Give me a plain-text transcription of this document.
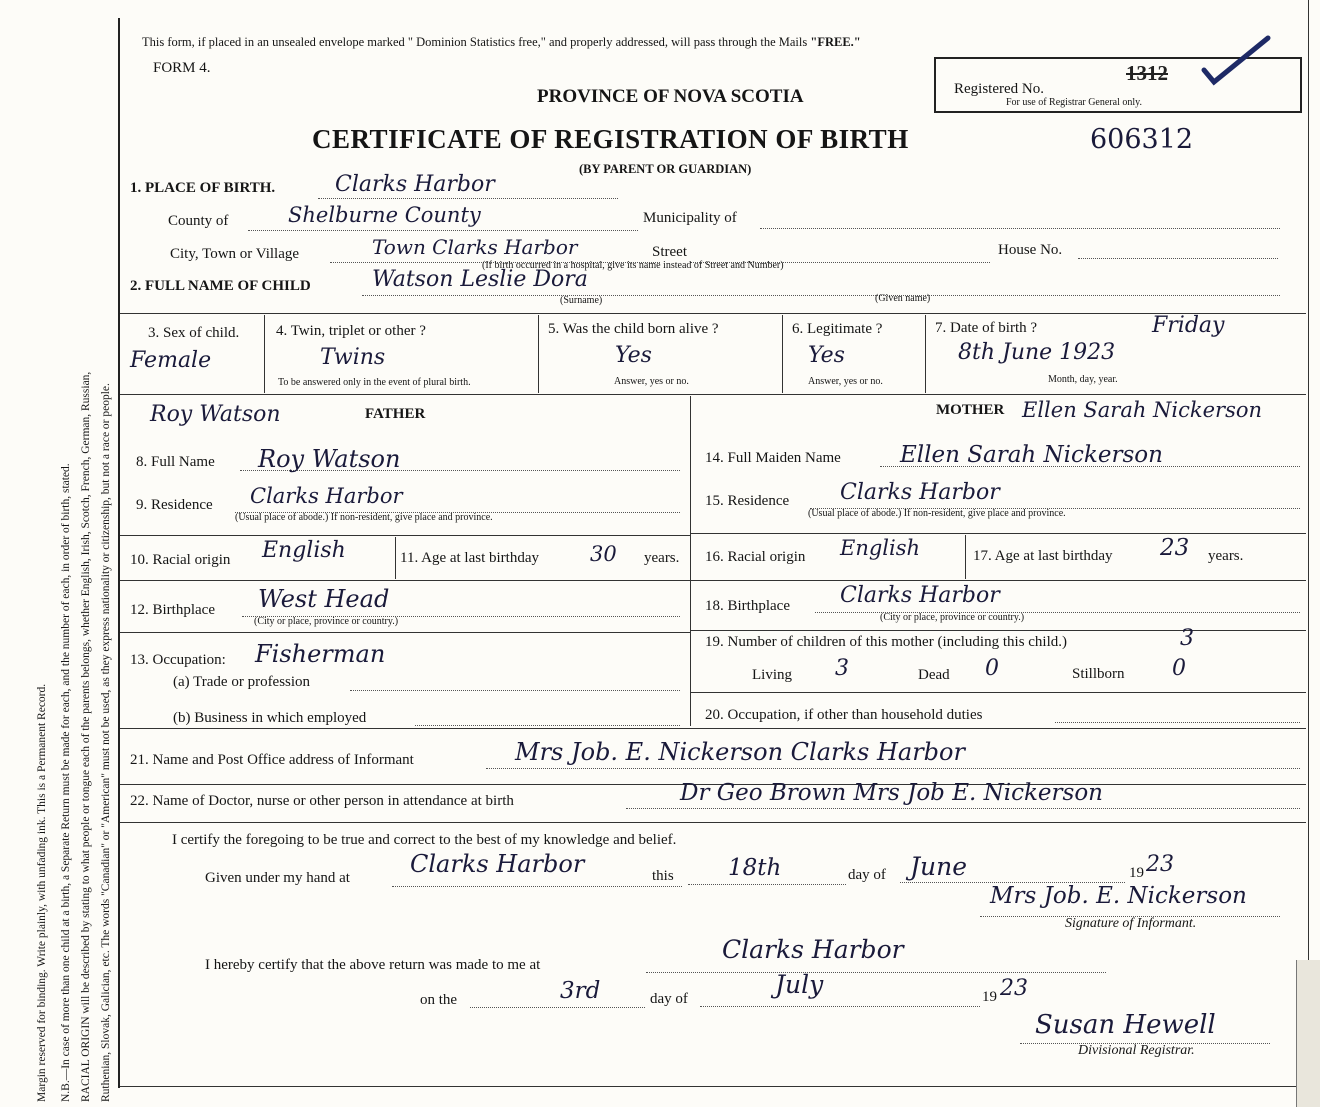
Ruthenian, Slovak, Galician, etc. The words "Canadian" or "American" must not be used, as they express nationality or citizenship, but not a race or people.
RACIAL ORIGIN will be described by stating to what people or tongue each of the parents belongs, whether English, Irish, Scotch, French, German, Russian,
N.B.—In case of more than one child at a birth, a Separate Return must be made for each, and the number of each, in order of birth, stated.
Margin reserved for binding. Write plainly, with unfading ink. This is a Permanent Record.
This form, if placed in an unsealed envelope marked " Dominion Statistics free," and properly addressed, will pass through the Mails "FREE."
FORM 4.
PROVINCE OF NOVA SCOTIA
CERTIFICATE OF REGISTRATION OF BIRTH	606312
(BY PARENT OR GUARDIAN)
Registered No.
1312
For use of Registrar General only.
1. PLACE OF BIRTH.	Clarks Harbor
County of	Shelburne County	Municipality of
City, Town or Village	Town Clarks Harbor	Street	House No.
(If birth occurred in a hospital, give its name instead of Street and Number)
2. FULL NAME OF CHILD	Watson Leslie Dora
(Surname)	(Given name)
3. Sex of child.
Female
4. Twin, triplet or other ?
Twins
To be answered only in the event of plural birth.
5. Was the child born alive ?
Yes
Answer, yes or no.
6. Legitimate ?
Yes
Answer, yes or no.
7. Date of birth ?	Friday
8th June 1923
Month, day, year.
Roy Watson	FATHER
8. Full Name Roy Watson
9. Residence Clarks Harbor
(Usual place of abode.) If non-resident, give place and province.
10. Racial origin English	11. Age at last birthday 30 years.
12. Birthplace West Head
(City or place, province or country.)
13. Occupation: Fisherman
(a) Trade or profession
(b) Business in which employed
MOTHER Ellen Sarah Nickerson
14. Full Maiden Name	Ellen Sarah Nickerson
15. Residence Clarks Harbor
(Usual place of abode.) If non-resident, give place and province.
16. Racial origin English	17. Age at last birthday 23 years.
18. Birthplace Clarks Harbor
(City or place, province or country.)
19. Number of children of this mother (including this child.)	3
Living 3	Dead 0	Stillborn 0
20. Occupation, if other than household duties
21. Name and Post Office address of Informant	Mrs Job. E. Nickerson Clarks Harbor
22. Name of Doctor, nurse or other person in attendance at birth	Dr Geo Brown Mrs Job E. Nickerson
I certify the foregoing to be true and correct to the best of my knowledge and belief.
Given under my hand at	Clarks Harbor	this 18th	day of June	19 23
Mrs Job. E. Nickerson
Signature of Informant.
I hereby certify that the above return was made to me at
Clarks Harbor
on the	3rd	day of	July	19 23
Susan Hewell
Divisional Registrar.
